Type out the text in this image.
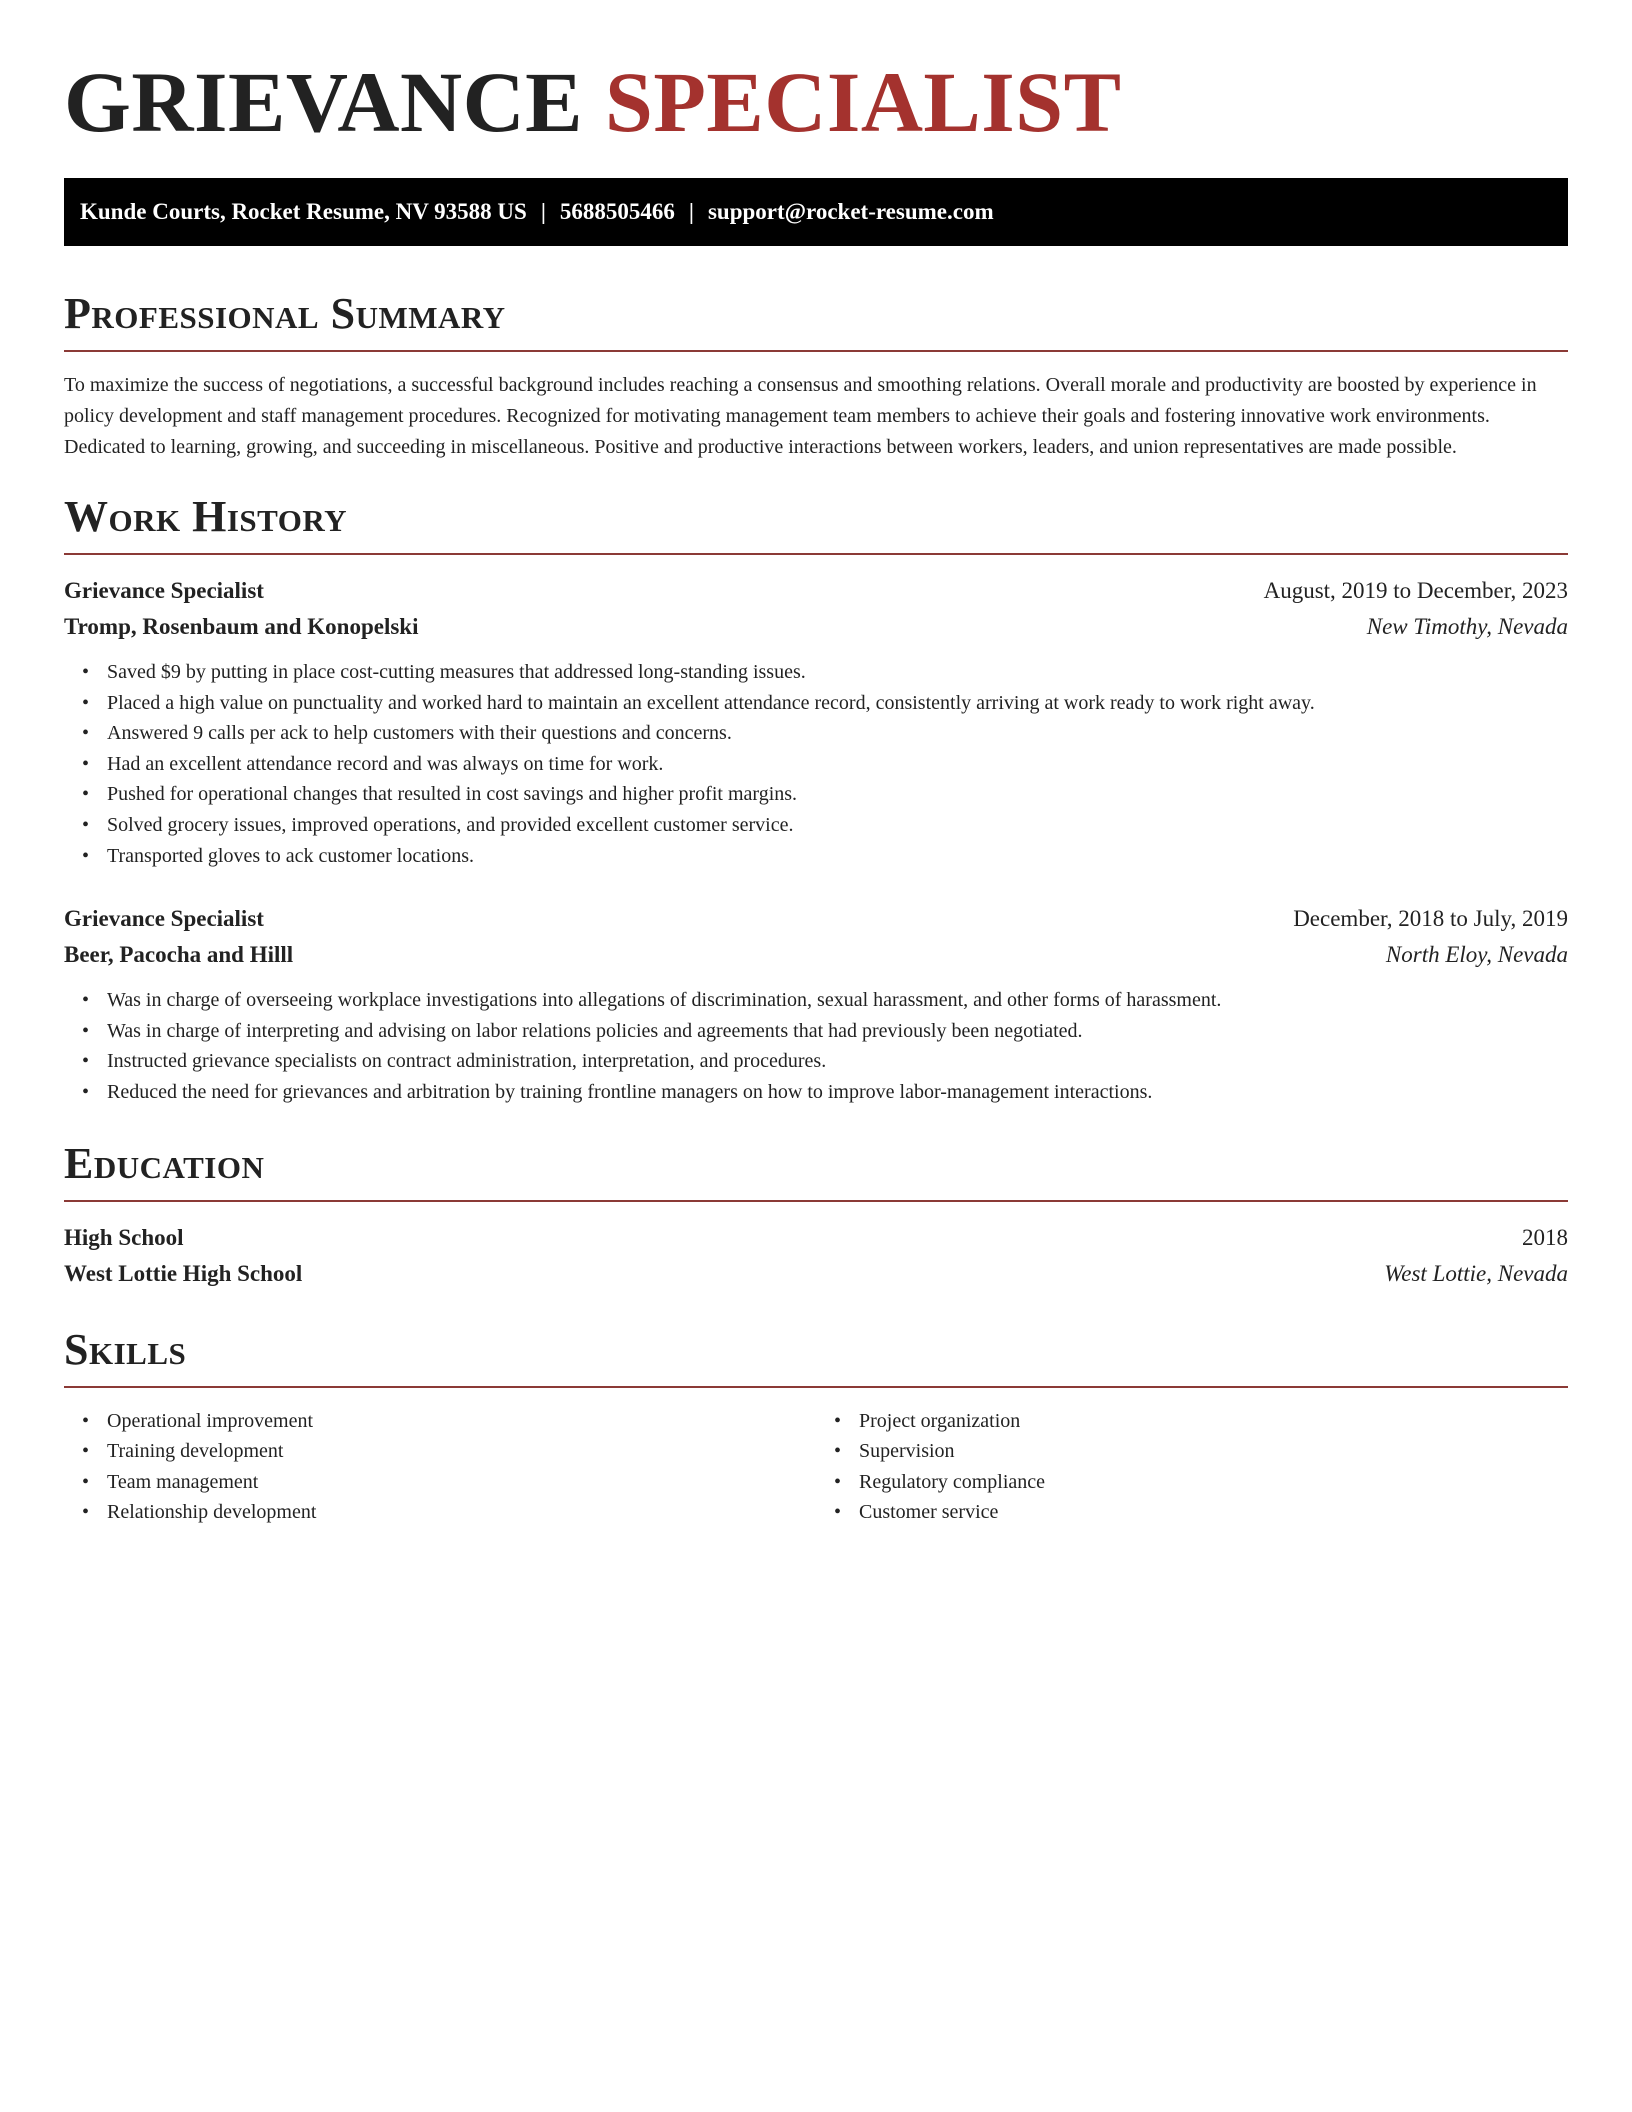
GRIEVANCE SPECIALIST
Kunde Courts, Rocket Resume, NV 93588 US | 5688505466 | support@rocket-resume.com
Professional Summary

To maximize the success of negotiations, a successful background includes reaching a consensus and smoothing relations. Overall morale and productivity are boosted by experience in policy development and staff management procedures. Recognized for motivating management team members to achieve their goals and fostering innovative work environments. Dedicated to learning, growing, and succeeding in miscellaneous. Positive and productive interactions between workers, leaders, and union representatives are made possible.

Work History
Grievance Specialist	August, 2019 to December, 2023
Tromp, Rosenbaum and Konopelski	New Timothy, Nevada
• Saved $9 by putting in place cost-cutting measures that addressed long-standing issues.
• Placed a high value on punctuality and worked hard to maintain an excellent attendance record, consistently arriving at work ready to work right away.
• Answered 9 calls per ack to help customers with their questions and concerns.
• Had an excellent attendance record and was always on time for work.
• Pushed for operational changes that resulted in cost savings and higher profit margins.
• Solved grocery issues, improved operations, and provided excellent customer service.
• Transported gloves to ack customer locations.
Grievance Specialist	December, 2018 to July, 2019
Beer, Pacocha and Hilll	North Eloy, Nevada
• Was in charge of overseeing workplace investigations into allegations of discrimination, sexual harassment, and other forms of harassment.
• Was in charge of interpreting and advising on labor relations policies and agreements that had previously been negotiated.
• Instructed grievance specialists on contract administration, interpretation, and procedures.
• Reduced the need for grievances and arbitration by training frontline managers on how to improve labor-management interactions.
Education
High School	2018
West Lottie High School	West Lottie, Nevada
Skills
• Operational improvement
• Training development
• Team management
• Relationship development
• Project organization
• Supervision
• Regulatory compliance
• Customer service
